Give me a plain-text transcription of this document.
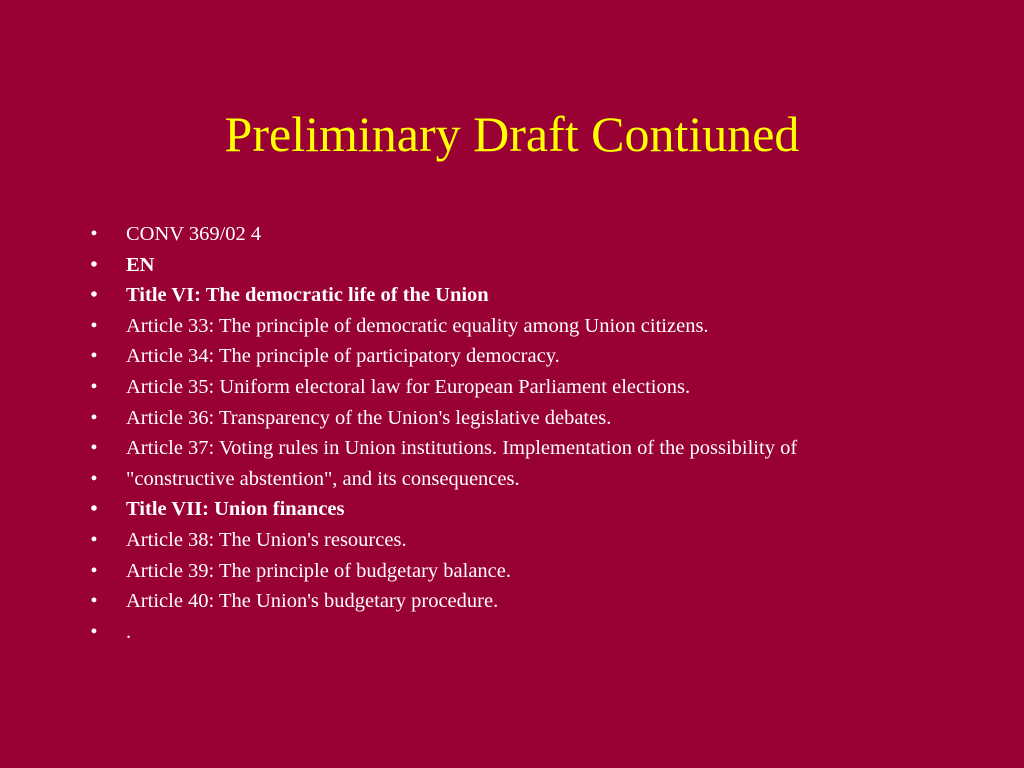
Preliminary Draft Contiuned
•	CONV 369/02 4
•	EN
•	Title VI: The democratic life of the Union
•	Article 33: The principle of democratic equality among Union citizens.
•	Article 34: The principle of participatory democracy.
•	Article 35: Uniform electoral law for European Parliament elections.
•	Article 36: Transparency of the Union's legislative debates.
•	Article 37: Voting rules in Union institutions. Implementation of the possibility of
•	"constructive abstention", and its consequences.
•	Title VII: Union finances
•	Article 38: The Union's resources.
•	Article 39: The principle of budgetary balance.
•	Article 40: The Union's budgetary procedure.
•	.
